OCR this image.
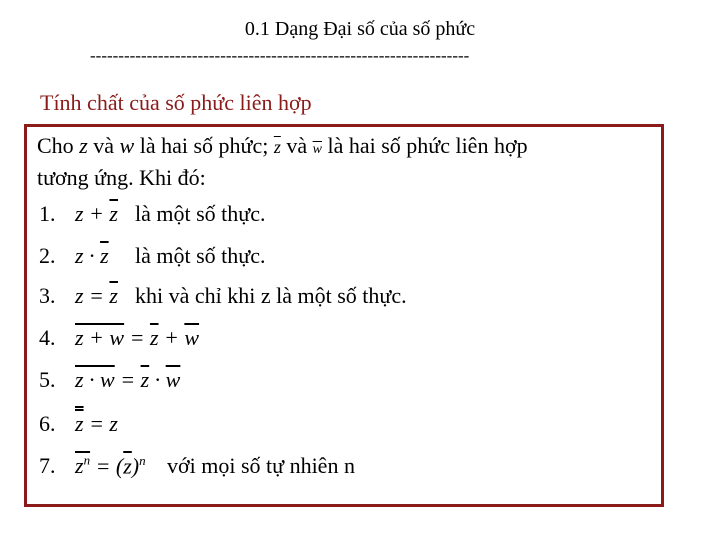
0.1 Dạng Đại số của số phức
-------------------------------------------------------------------
Tính chất của số phức liên hợp
Cho z và w là hai số phức; $\overline{z}$ và $\overline{w}$ là hai số phức liên hợp
tương ứng. Khi đó:
1. $z + \overline{z}$ là một số thực.
2. $z \cdot \overline{z}$ là một số thực.
3. $z = \overline{z}$ khi và chỉ khi z là một số thực.
4. $z + w = \overline{z} + \overline{w}$
5. $z \cdot w = \overline{z} \cdot \overline{w}$
6. z = z
7. $z^n = (\overline{z})^n$ với mọi số tự nhiên n
